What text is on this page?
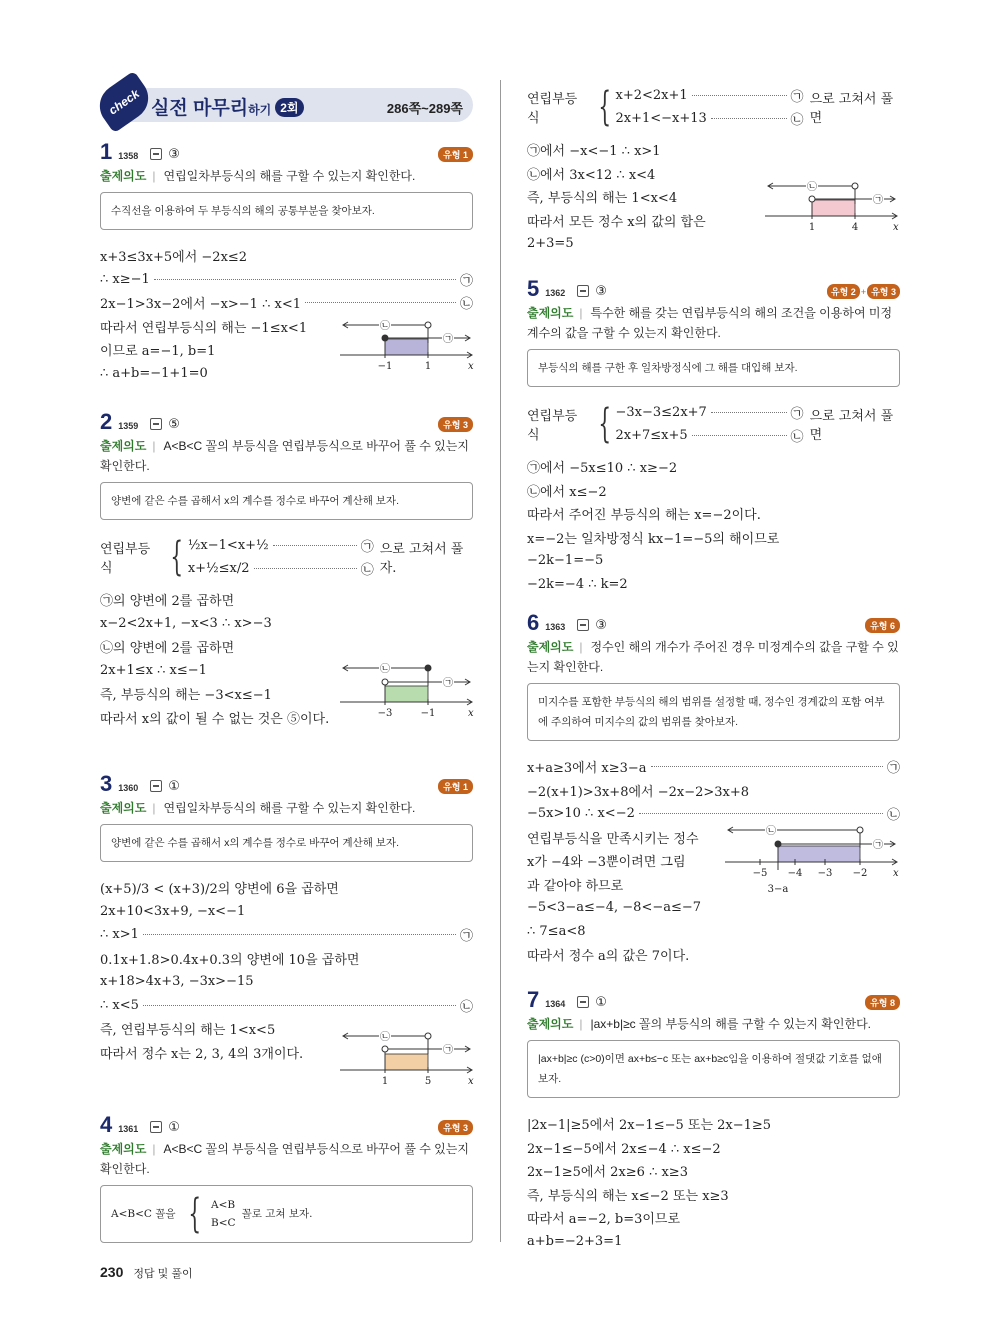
check 실전 마무리하기 2회	286쪽~289쪽
1 1358 ③	유형 1
출제의도 | 연립일차부등식의 해를 구할 수 있는지 확인한다.
수직선을 이용하여 두 부등식의 해의 공통부분을 찾아보자.
x+3≤3x+5에서 −2x≤2
∴ x≥−1	㉠
2x−1>3x−2에서 −x>−1 ∴ x<1	㉡
따라서 연립부등식의 해는 −1≤x<1
이므로 a=−1, b=1
∴ a+b=−1+1=0
2 1359 ⑤	유형 3
출제의도 | A<B<C 꼴의 부등식을 연립부등식으로 바꾸어 풀 수 있는지 확인한다.
양변에 같은 수를 곱해서 x의 계수를 정수로 바꾸어 계산해 보자.
연립부등식	{ ½x−1<x+½	㉠
x+½≤x/2	㉡
으로 고쳐서 풀자.
㉠의 양변에 2를 곱하면
x−2<2x+1, −x<3 ∴ x>−3
㉡의 양변에 2를 곱하면
2x+1≤x ∴ x≤−1
즉, 부등식의 해는 −3<x≤−1
따라서 x의 값이 될 수 없는 것은 ⑤이다.
3 1360 ①	유형 1
출제의도 | 연립일차부등식의 해를 구할 수 있는지 확인한다.
양변에 같은 수를 곱해서 x의 계수를 정수로 바꾸어 계산해 보자.
(x+5)/3 < (x+3)/2의 양변에 6을 곱하면
2x+10<3x+9, −x<−1
∴ x>1	㉠
0.1x+1.8>0.4x+0.3의 양변에 10을 곱하면
x+18>4x+3, −3x>−15
∴ x<5	㉡
즉, 연립부등식의 해는 1<x<5
따라서 정수 x는 2, 3, 4의 3개이다.
4 1361 ①	유형 3
출제의도 | A<B<C 꼴의 부등식을 연립부등식으로 바꾸어 풀 수 있는지 확인한다.
A<B<C 꼴을 { A<B
B<C
꼴로 고쳐 보자.
5 1362 ③	유형 2 + 유형 3
출제의도 | 특수한 해를 갖는 연립부등식의 해의 조건을 이용하여 미정계수의 값을 구할 수 있는지 확인한다.
부등식의 해를 구한 후 일차방정식에 그 해를 대입해 보자.
연립부등식	{ −3x−3≤2x+7	㉠
2x+7≤x+5	㉡
으로 고쳐서 풀면
㉠에서 −5x≤10 ∴ x≥−2
㉡에서 x≤−2
따라서 주어진 부등식의 해는 x=−2이다.
x=−2는 일차방정식 kx−1=−5의 해이므로
−2k−1=−5
−2k=−4 ∴ k=2
6 1363 ③	유형 6
출제의도 | 정수인 해의 개수가 주어진 경우 미정계수의 값을 구할 수 있는지 확인한다.
미지수를 포함한 부등식의 해의 범위를 설정할 때, 정수인 경계값의 포함 여부에 주의하여 미지수의 값의 범위를 찾아보자.
x+a≥3에서 x≥3−a	㉠
−2(x+1)>3x+8에서 −2x−2>3x+8
−5x>10 ∴ x<−2	㉡
연립부등식을 만족시키는 정수
x가 −4와 −3뿐이려면 그림
과 같아야 하므로
−5<3−a≤−4, −8<−a≤−7
∴ 7≤a<8
따라서 정수 a의 값은 7이다.
7 1364 ①	유형 8
출제의도 | |ax+b|≥c 꼴의 부등식의 해를 구할 수 있는지 확인한다.
|ax+b|≥c (c>0)이면 ax+b≤−c 또는 ax+b≥c임을 이용하여 절댓값 기호를 없애 보자.
|2x−1|≥5에서 2x−1≤−5 또는 2x−1≥5
2x−1≤−5에서 2x≤−4 ∴ x≤−2
2x−1≥5에서 2x≥6 ∴ x≥3
즉, 부등식의 해는 x≤−2 또는 x≥3
따라서 a=−2, b=3이므로
a+b=−2+3=1
연립부등식	{ x+2<2x+1	㉠
2x+1<−x+13	㉡
으로 고쳐서 풀면
㉠에서 −x<−1 ∴ x>1
㉡에서 3x<12 ∴ x<4
즉, 부등식의 해는 1<x<4
따라서 모든 정수 x의 값의 합은
2+3=5
−1	1	x
㉡
㉠
−3	−1	x
㉡
㉠
1	5	x
㉡
㉠
1	4	x
㉡
㉠
−5 −4 −3 −2	x
㉡
㉠
3−a
230 정답 및 풀이
